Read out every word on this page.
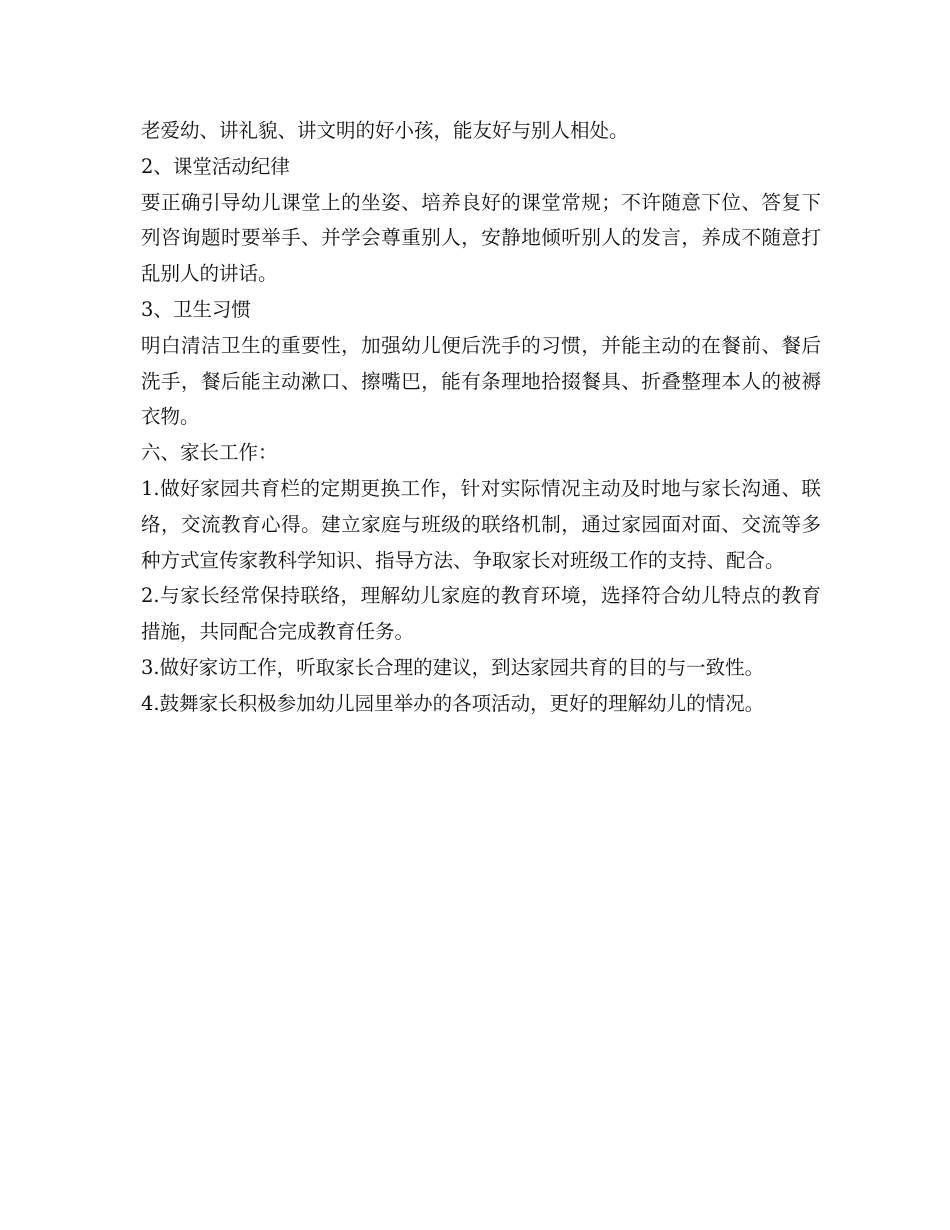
老爱幼、讲礼貌、讲文明的好小孩，能友好与别人相处。

2、课堂活动纪律

要正确引导幼儿课堂上的坐姿、培养良好的课堂常规；不许随意下位、答复下列咨询题时要举手、并学会尊重别人，安静地倾听别人的发言，养成不随意打乱别人的讲话。

3、卫生习惯

明白清洁卫生的重要性，加强幼儿便后洗手的习惯，并能主动的在餐前、餐后洗手，餐后能主动漱口、擦嘴巴，能有条理地拾掇餐具、折叠整理本人的被褥衣物。

六、家长工作：

1.做好家园共育栏的定期更换工作，针对实际情况主动及时地与家长沟通、联络，交流教育心得。建立家庭与班级的联络机制，通过家园面对面、交流等多种方式宣传家教科学知识、指导方法、争取家长对班级工作的支持、配合。

2.与家长经常保持联络，理解幼儿家庭的教育环境，选择符合幼儿特点的教育措施，共同配合完成教育任务。

3.做好家访工作，听取家长合理的建议，到达家园共育的目的与一致性。

4.鼓舞家长积极参加幼儿园里举办的各项活动，更好的理解幼儿的情况。
